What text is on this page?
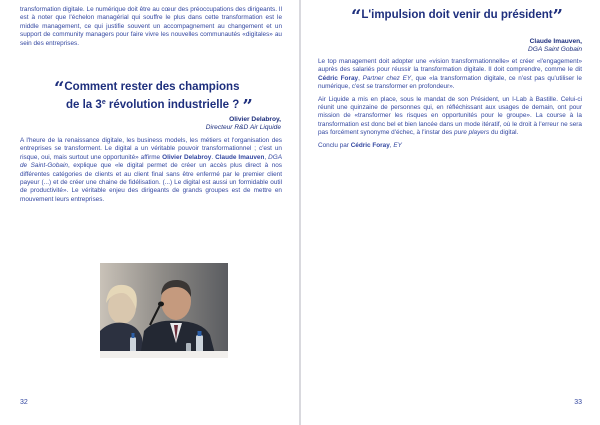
transformation digitale. Le numérique doit être au cœur des préoccupations des dirigeants. Il est à noter que l'échelon managérial qui souffre le plus dans cette transformation est le middle management, ce qui justifie souvent un accompagnement au changement et un support de community managers pour faire vivre les nouvelles communautés «digitales» au sein des entreprises.

“Comment rester des champions
de la 3e révolution industrielle ? ”
Olivier Delabroy,
Directeur R&D Air Liquide

A l'heure de la renaissance digitale, les business models, les métiers et l'organisation des entreprises se transforment. Le digital a un véritable pouvoir transformationnel ; c'est un risque, oui, mais surtout une opportunité» affirme Olivier Delabroy. Claude Imauven, DGA de Saint-Gobain, explique que «le digital permet de créer un accès plus direct à nos différentes catégories de clients et au client final sans être enfermé par le premier client payeur (...) et de créer une chaine de fidélisation. (...) Le digital est aussi un formidable outil de productivité». Le véritable enjeu des dirigeants de grands groupes est de mettre en mouvement leurs entreprises.

32
“L'impulsion doit venir du président”
Claude Imauven,
DGA Saint Gobain

Le top management doit adopter une «vision transformationnelle» et créer «l'engagement» auprès des salariés pour réussir la transformation digitale. Il doit comprendre, comme le dit Cédric Foray, Partner chez EY, que «la transformation digitale, ce n'est pas qu'utiliser le numérique, c'est se transformer en profondeur».

Air Liquide a mis en place, sous le mandat de son Président, un I-Lab à Bastille. Celui-ci réunit une quinzaine de personnes qui, en réfléchissant aux usages de demain, ont pour mission de «transformer les risques en opportunités pour le groupe». La course à la transformation est donc bel et bien lancée dans un mode itératif, où le droit à l'erreur ne sera pas forcément synonyme d'échec, à l'instar des pure players du digital.

Conclu par Cédric Foray, EY

33
